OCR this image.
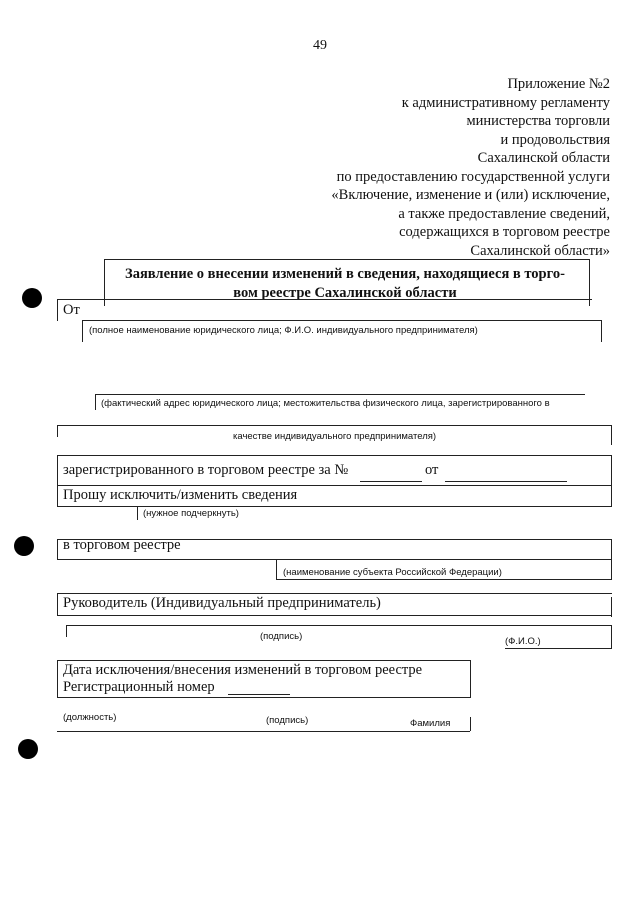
49
Приложение №2
к административному регламенту
министерства торговли
и продовольствия
Сахалинской области
по предоставлению государственной услуги
«Включение, изменение и (или) исключение,
а также предоставление сведений,
содержащихся в торговом реестре
Сахалинской области»
Заявление о внесении изменений в сведения, находящиеся в торго-
вом реестре Сахалинской области
От
(полное наименование юридического лица; Ф.И.О. индивидуального предпринимателя)
(фактический адрес юридического лица; местожительства физического лица, зарегистрированного в
качестве индивидуального предпринимателя)
зарегистрированного в торговом реестре за №	от
Прошу исключить/изменить сведения
(нужное подчеркнуть)
в торговом реестре
(наименование субъекта Российской Федерации)
Руководитель (Индивидуальный предприниматель)
(подпись)	(Ф.И.О.)
Дата исключения/внесения изменений в торговом реестре
Регистрационный номер
(должность)	(подпись)	Фамилия
